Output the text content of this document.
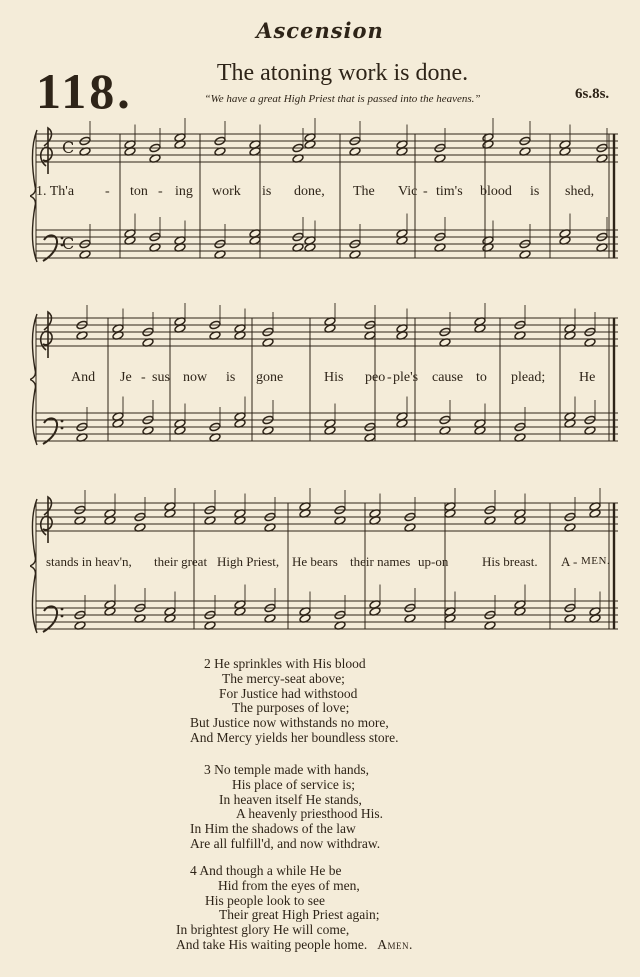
Ascension
118.	The atoning work is done.
“We have a great High Priest that is passed into the heavens.”	6s.8s.
C
C
1. Th'a - ton - ing work is done, The Vic - tim's blood is shed,
And Je - sus now is gone	His peo - ple's cause to plead; He
stands in heav'n, their great High Priest, He bears their names up-on	His breast. A - MEN.
2 He sprinkles with His blood
The mercy-seat above;
For Justice had withstood
The purposes of love;
But Justice now withstands no more,
And Mercy yields her boundless store.
3 No temple made with hands,
His place of service is;
In heaven itself He stands,
A heavenly priesthood His.
In Him the shadows of the law
Are all fulfill'd, and now withdraw.
4 And though a while He be
Hid from the eyes of men,
His people look to see
Their great High Priest again;
In brightest glory He will come,
And take His waiting people home. Amen.
